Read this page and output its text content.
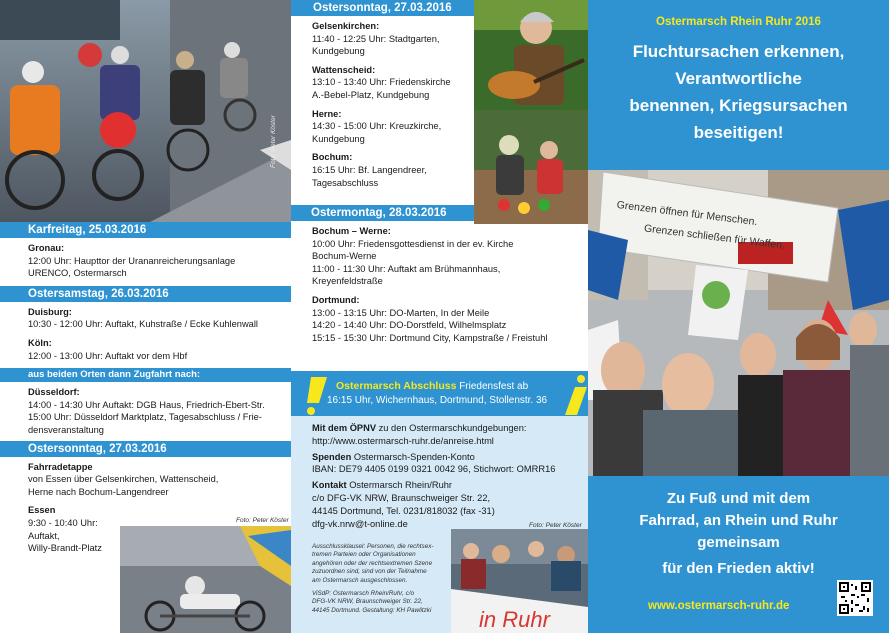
Foto: Peter Köster
Karfreitag, 25.03.2016
Gronau:
12:00 Uhr: Haupttor der Urananreicherungsanlage
URENCO, Ostermarsch
Ostersamstag, 26.03.2016
Duisburg:
10:30 - 12:00 Uhr: Auftakt, Kuhstraße / Ecke Kuhlenwall
Köln:
12:00 - 13:00 Uhr: Auftakt vor dem Hbf
aus beiden Orten dann Zugfahrt nach:
Düsseldorf:
14:00 - 14:30 Uhr Auftakt: DGB Haus, Friedrich-Ebert-Str.
15:00 Uhr: Düsseldorf Marktplatz, Tagesabschluss / Frie-
densveranstaltung
Ostersonntag, 27.03.2016
Fahrradetappe
von Essen über Gelsenkirchen, Wattenscheid,
Herne nach Bochum-Langendreer
Essen
9:30 - 10:40 Uhr:
Auftakt,
Willy-Brandt-Platz
Foto: Peter Köster
Ostersonntag, 27.03.2016
Gelsenkirchen:
11:40 - 12:25 Uhr: Stadtgarten,
Kundgebung
Wattenscheid:
13:10 - 13:40 Uhr: Friedenskirche
A.-Bebel-Platz, Kundgebung
Herne:
14:30 - 15:00 Uhr: Kreuzkirche,
Kundgebung
Bochum:
16:15 Uhr: Bf. Langendreer,
Tagesabschluss	Foto: Arbeiterfotografie
Ostermontag, 28.03.2016
Bochum – Werne:
10:00 Uhr: Friedensgottesdienst in der ev. Kirche
Bochum-Werne
11:00 - 11:30 Uhr: Auftakt am Brühmannhaus,
Kreyenfeldstraße
Dortmund:
13:00 - 13:15 Uhr: DO-Marten, In der Meile
14:20 - 14:40 Uhr: DO-Dorstfeld, Wilhelmsplatz
15:15 - 15:30 Uhr: Dortmund City, Kampstraße / Freistuhl
Ostermarsch Abschluss Friedensfest ab
16:15 Uhr, Wichernhaus, Dortmund, Stollenstr. 36
Mit dem ÖPNV zu den Ostermarschkundgebungen:
http://www.ostermarsch-ruhr.de/anreise.html
Spenden Ostermarsch-Spenden-Konto
IBAN: DE79 4405 0199 0321 0042 96, Stichwort: OMRR16
Kontakt Ostermarsch Rhein/Ruhr
c/o DFG-VK NRW, Braunschweiger Str. 22,
44145 Dortmund, Tel. 0231/818032 (fax -31)
dfg-vk.nrw@t-online.de
Ausschlussklausel: Personen, die rechtsex-
tremen Parteien oder Organisationen
angehören oder der rechtsextremen Szene
zuzuordnen sind, sind von der Teilnahme
am Ostermarsch ausgeschlossen.
ViSdP: Ostermarsch Rhein/Ruhr, c/o
DFG-VK NRW, Braunschweiger Str. 22,
44145 Dortmund. Gestaltung: KH Pawlitzki
Foto: Peter Köster
in Ruhr
Ostermarsch Rhein Ruhr 2016
Fluchtursachen erkennen,
Verantwortliche
benennen, Kriegsursachen
beseitigen!
Grenzen öffnen für Menschen.
Grenzen schließen für Waffen.
Zu Fuß und mit dem
Fahrrad, an Rhein und Ruhr
gemeinsam
für den Frieden aktiv!
www.ostermarsch-ruhr.de
